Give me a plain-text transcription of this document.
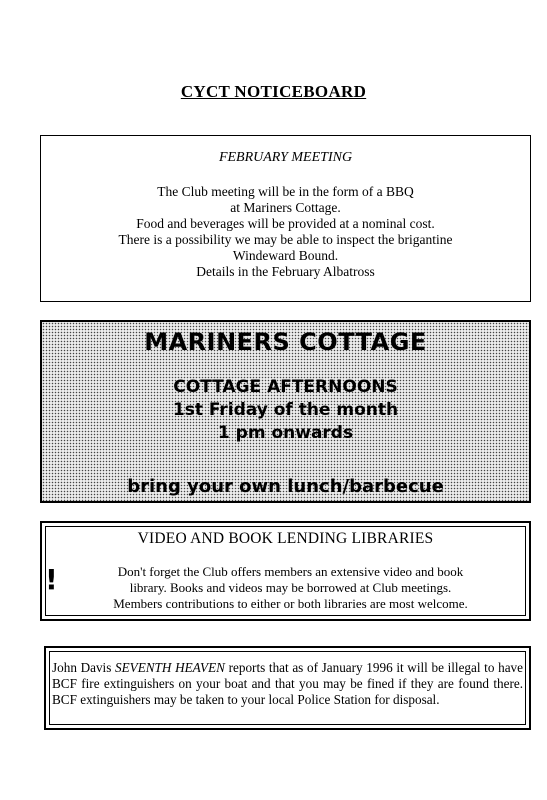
CYCT NOTICEBOARD
FEBRUARY MEETING
The Club meeting will be in the form of a BBQ
at Mariners Cottage.
Food and beverages will be provided at a nominal cost.
There is a possibility we may be able to inspect the brigantine
Windeward Bound.
Details in the February Albatross
MARINERS COTTAGE
COTTAGE AFTERNOONS
1st Friday of the month
1 pm onwards
bring your own lunch/barbecue
!
VIDEO AND BOOK LENDING LIBRARIES
Don't forget the Club offers members an extensive video and book
library. Books and videos may be borrowed at Club meetings.
Members contributions to either or both libraries are most welcome.

John Davis SEVENTH HEAVEN reports that as of January 1996 it will be illegal to have BCF fire extinguishers on your boat and that you may be fined if they are found there. BCF extinguishers may be taken to your local Police Station for disposal.
